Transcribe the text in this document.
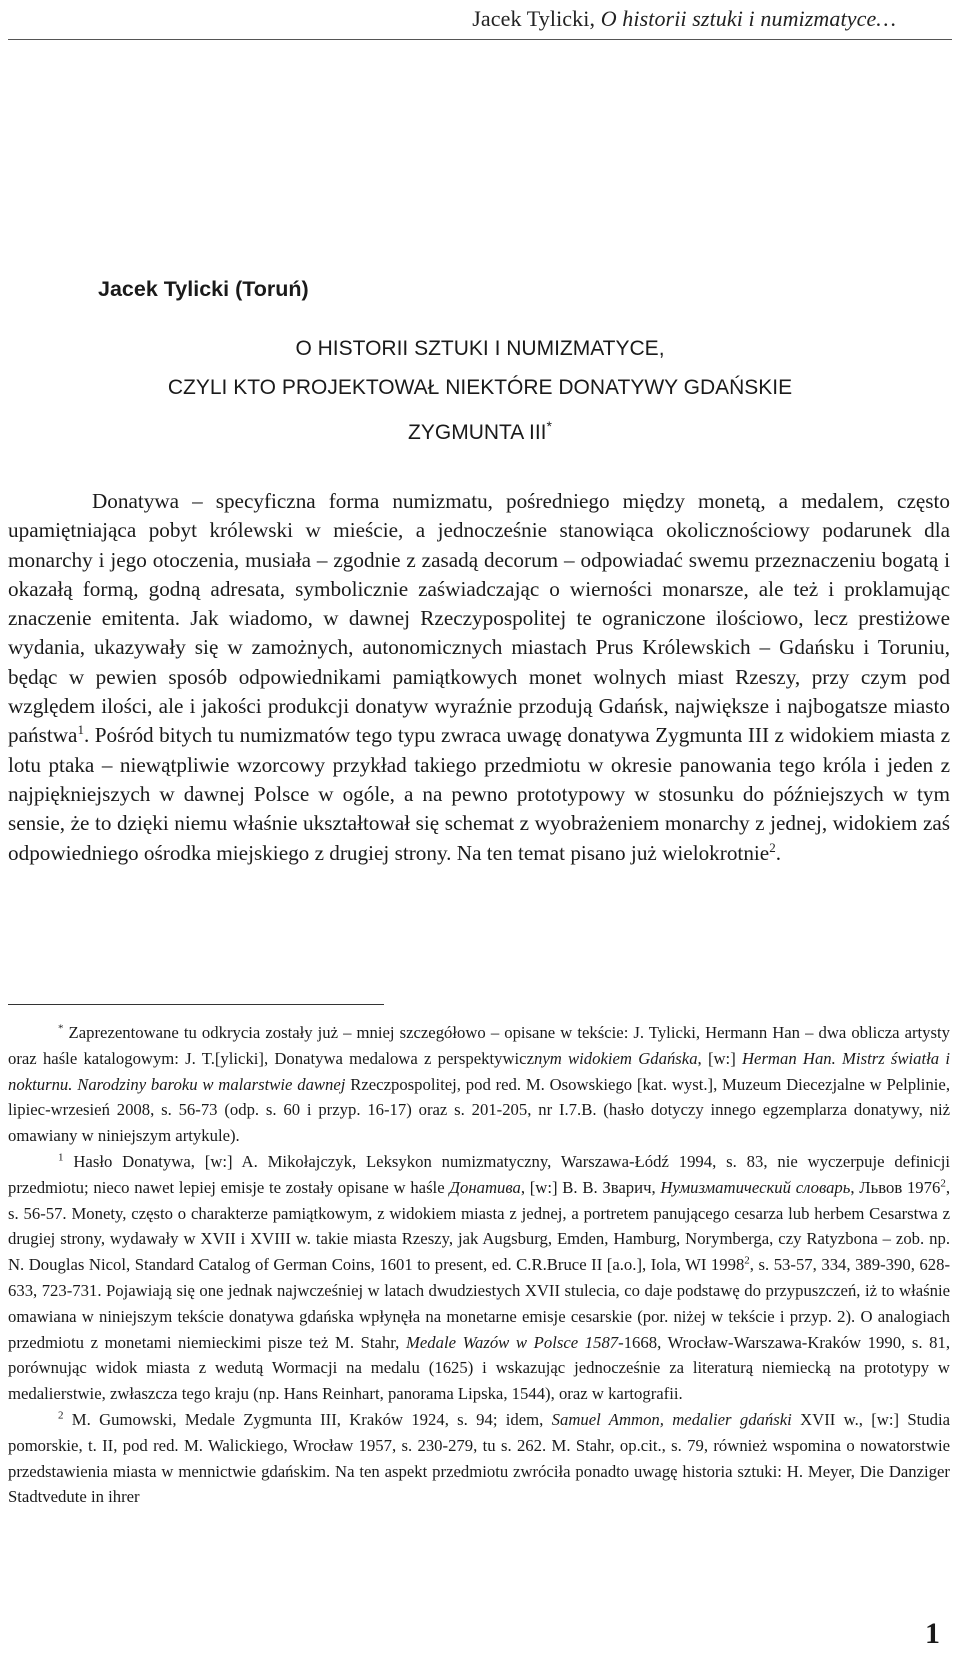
Jacek Tylicki, O historii sztuki i numizmatyce…
Jacek Tylicki (Toruń)
O HISTORII SZTUKI I NUMIZMATYCE,
CZYLI KTO PROJEKTOWAŁ NIEKTÓRE DONATYWY GDAŃSKIE
ZYGMUNTA III*

Donatywa – specyficzna forma numizmatu, pośredniego między monetą, a medalem, często upamiętniająca pobyt królewski w mieście, a jednocześnie stanowiąca okolicznościowy podarunek dla monarchy i jego otoczenia, musiała – zgodnie z zasadą decorum – odpowiadać swemu przeznaczeniu bogatą i okazałą formą, godną adresata, symbolicznie zaświadczając o wierności monarsze, ale też i proklamując znaczenie emitenta. Jak wiadomo, w dawnej Rzeczypospolitej te ograniczone ilościowo, lecz prestiżowe wydania, ukazywały się w zamożnych, autonomicznych miastach Prus Królewskich – Gdańsku i Toruniu, będąc w pewien sposób odpowiednikami pamiątkowych monet wolnych miast Rzeszy, przy czym pod względem ilości, ale i jakości produkcji donatyw wyraźnie przodują Gdańsk, największe i najbogatsze miasto państwa$^1$. Pośród bitych tu numizmatów tego typu zwraca uwagę donatywa Zygmunta III z widokiem miasta z lotu ptaka – niewątpliwie wzorcowy przykład takiego przedmiotu w okresie panowania tego króla i jeden z najpiękniejszych w dawnej Polsce w ogóle, a na pewno prototypowy w stosunku do późniejszych w tym sensie, że to dzięki niemu właśnie ukształtował się schemat z wyobrażeniem monarchy z jednej, widokiem zaś odpowiedniego ośrodka miejskiego z drugiej strony. Na ten temat pisano już wielokrotnie$^2$.

* Zaprezentowane tu odkrycia zostały już – mniej szczegółowo – opisane w tekście: J. Tylicki, Hermann Han – dwa oblicza artysty oraz haśle katalogowym: J. T.[ylicki], Donatywa medalowa z perspektywicznym widokiem Gdańska, [w:] Herman Han. Mistrz światła i nokturnu. Narodziny baroku w malarstwie dawnej Rzeczpospolitej, pod red. M. Osowskiego [kat. wyst.], Muzeum Diecezjalne w Pelplinie, lipiec-wrzesień 2008, s. 56-73 (odp. s. 60 i przyp. 16-17) oraz s. 201-205, nr I.7.B. (hasło dotyczy innego egzemplarza donatywy, niż omawiany w niniejszym artykule).

$^1$ Hasło Donatywa, [w:] A. Mikołajczyk, Leksykon numizmatyczny, Warszawa-Łódź 1994, s. 83, nie wyczerpuje definicji przedmiotu; nieco nawet lepiej emisje te zostały opisane w haśle Донатива, [w:] В. В. Зварич, Нумизматический словарь, Львов 1976$^2$, s. 56-57. Monety, często o charakterze pamiątkowym, z widokiem miasta z jednej, a portretem panującego cesarza lub herbem Cesarstwa z drugiej strony, wydawały w XVII i XVIII w. takie miasta Rzeszy, jak Augsburg, Emden, Hamburg, Norymberga, czy Ratyzbona – zob. np. N. Douglas Nicol, Standard Catalog of German Coins, 1601 to present, ed. C.R.Bruce II [a.o.], Iola, WI 1998$^2$, s. 53-57, 334, 389-390, 628-633, 723-731. Pojawiają się one jednak najwcześniej w latach dwudziestych XVII stulecia, co daje podstawę do przypuszczeń, iż to właśnie omawiana w niniejszym tekście donatywa gdańska wpłynęła na monetarne emisje cesarskie (por. niżej w tekście i przyp. 2). O analogiach przedmiotu z monetami niemieckimi pisze też M. Stahr, Medale Wazów w Polsce 1587-1668, Wrocław-Warszawa-Kraków 1990, s. 81, porównując widok miasta z wedutą Wormacji na medalu (1625) i wskazując jednocześnie za literaturą niemiecką na prototypy w medalierstwie, zwłaszcza tego kraju (np. Hans Reinhart, panorama Lipska, 1544), oraz w kartografii.

$^2$ M. Gumowski, Medale Zygmunta III, Kraków 1924, s. 94; idem, Samuel Ammon, medalier gdański XVII w., [w:] Studia pomorskie, t. II, pod red. M. Walickiego, Wrocław 1957, s. 230-279, tu s. 262. M. Stahr, op.cit., s. 79, również wspomina o nowatorstwie przedstawienia miasta w mennictwie gdańskim. Na ten aspekt przedmiotu zwróciła ponadto uwagę historia sztuki: H. Meyer, Die Danziger Stadtvedute in ihrer

1
